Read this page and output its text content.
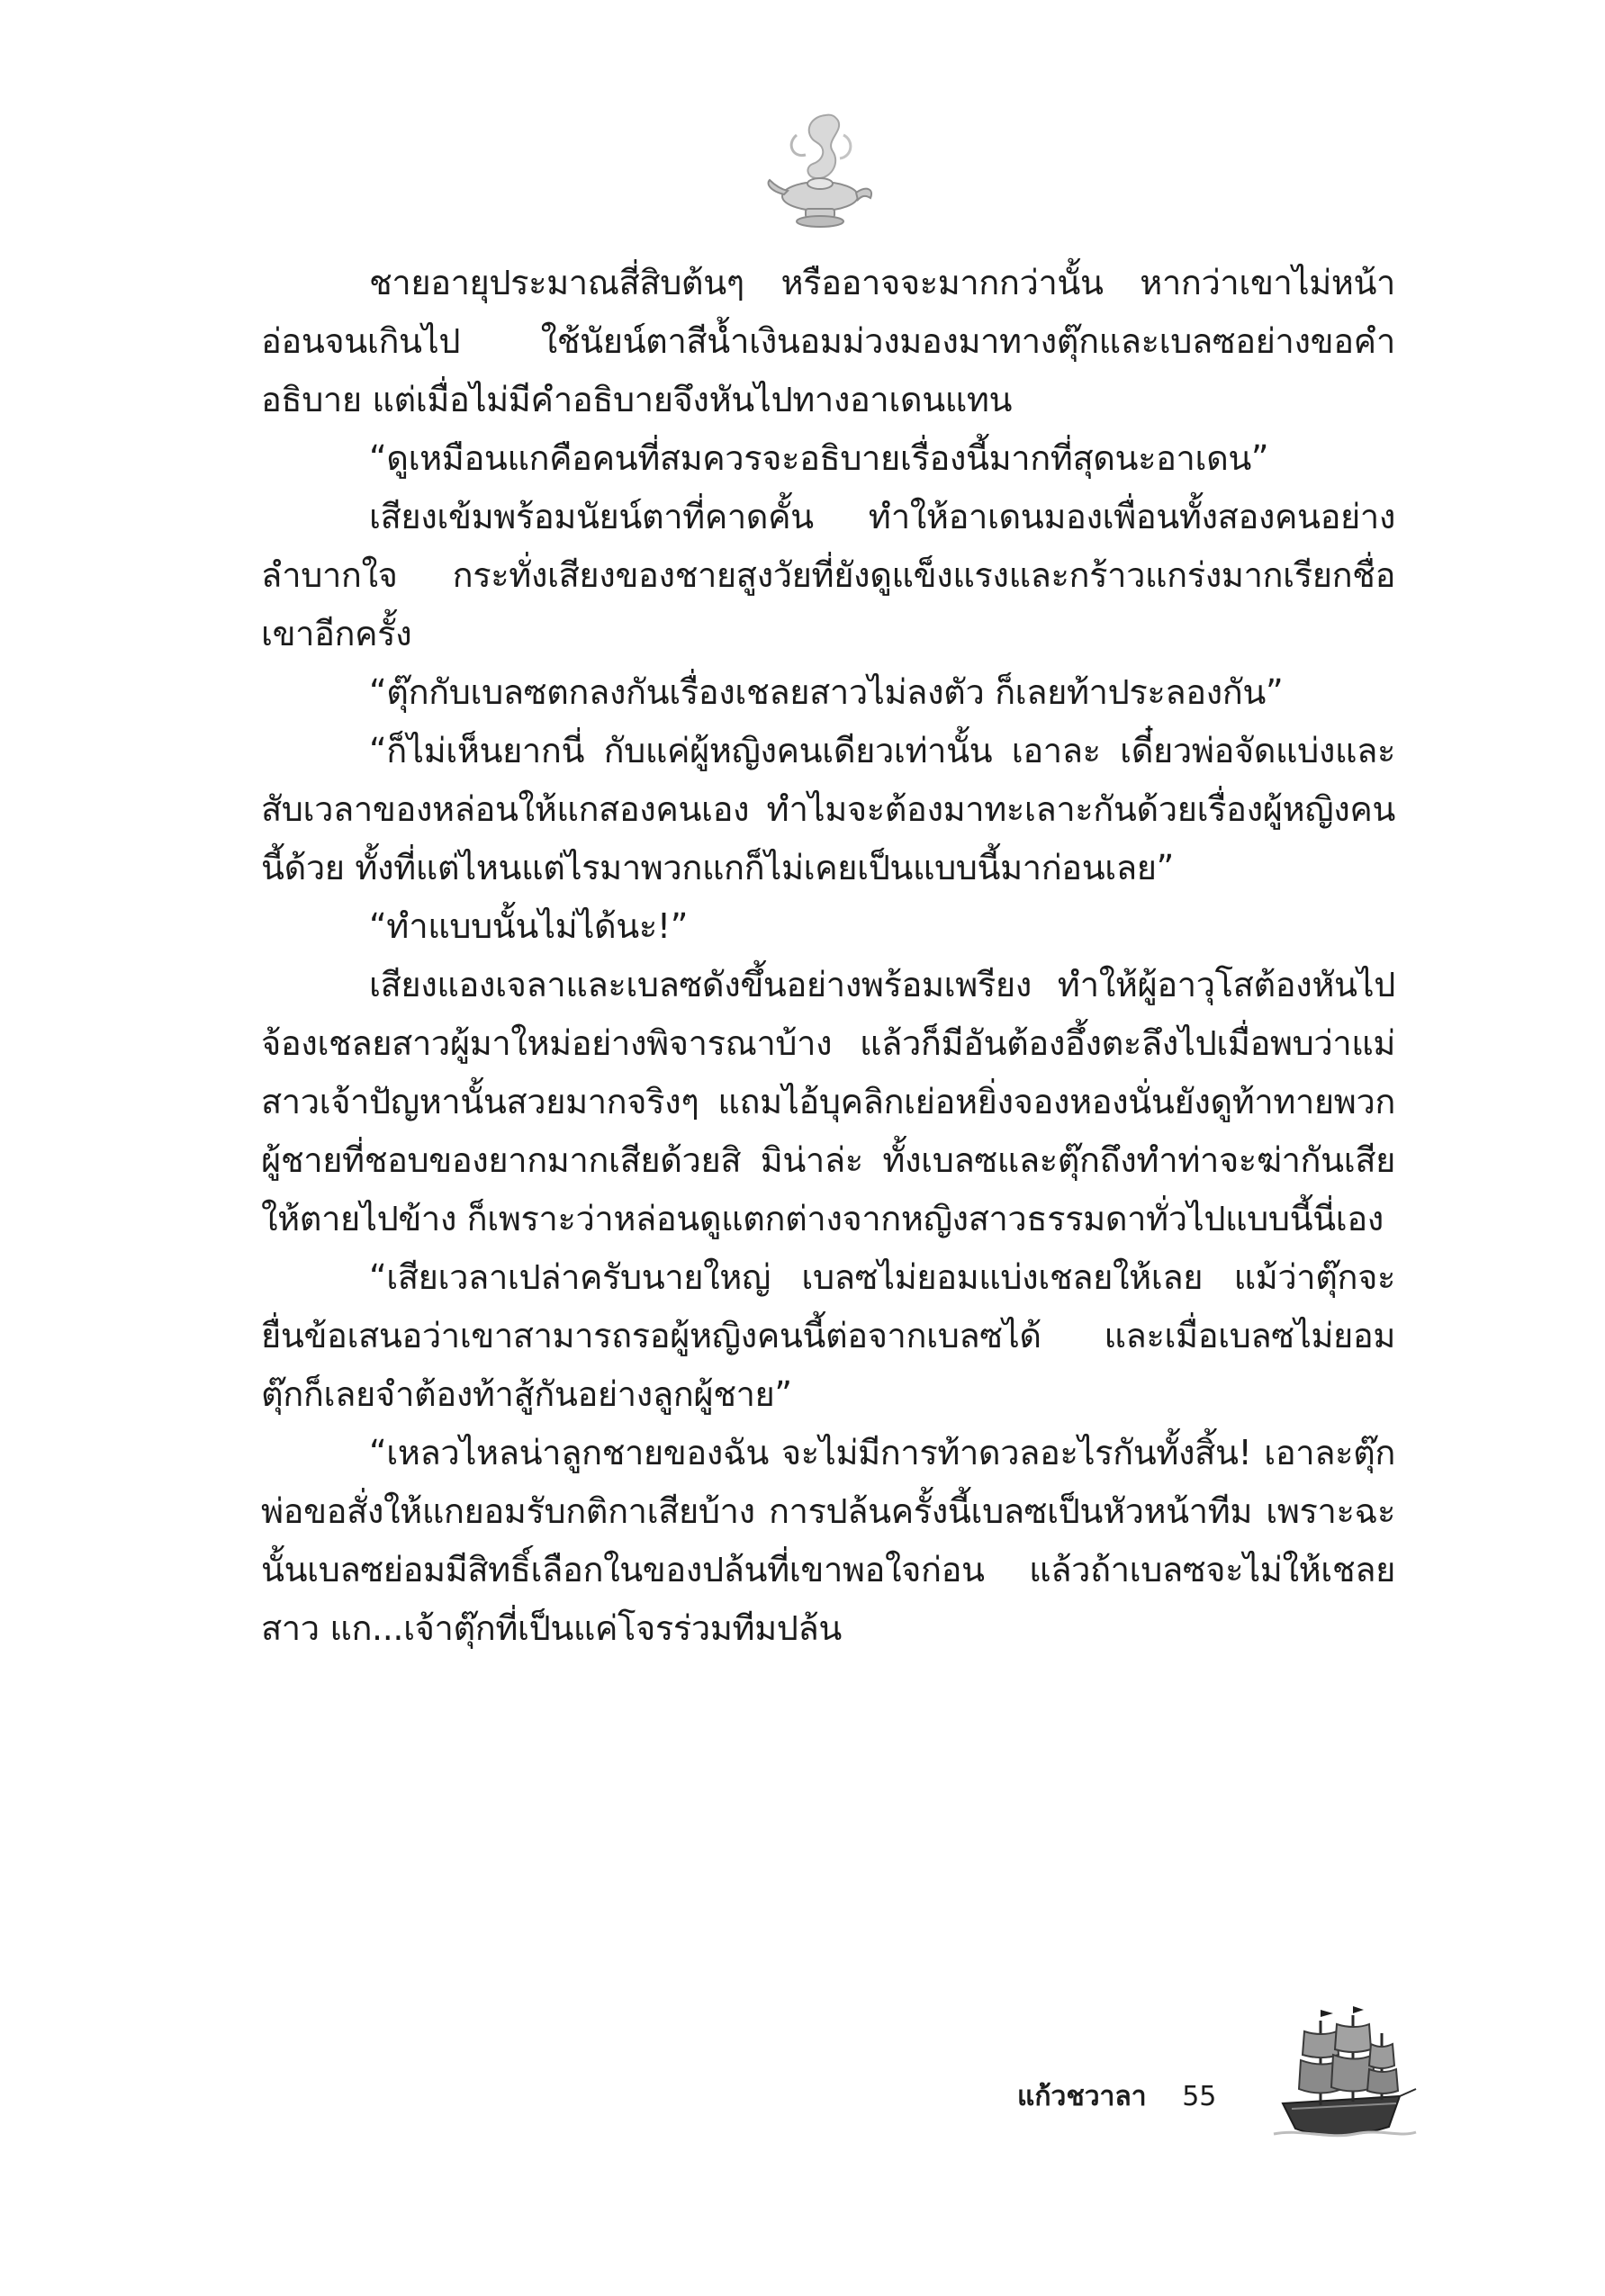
ชายอายุประมาณสี่สิบต้นๆ หรืออาจจะมากกว่านั้น หากว่าเขาไม่หน้าอ่อนจนเกินไป ใช้นัยน์ตาสีน้ำเงินอมม่วงมองมาทางตุ๊กและเบลซอย่างขอคำอธิบาย แต่เมื่อไม่มีคำอธิบายจึงหันไปทางอาเดนแทน

“ดูเหมือนแกคือคนที่สมควรจะอธิบายเรื่องนี้มากที่สุดนะอาเดน”

เสียงเข้มพร้อมนัยน์ตาที่คาดคั้น ทำให้อาเดนมองเพื่อนทั้งสองคนอย่างลำบากใจ กระทั่งเสียงของชายสูงวัยที่ยังดูแข็งแรงและกร้าวแกร่งมากเรียกชื่อเขาอีกครั้ง

“ตุ๊กกับเบลซตกลงกันเรื่องเชลยสาวไม่ลงตัว ก็เลยท้าประลองกัน”

“ก็ไม่เห็นยากนี่ กับแค่ผู้หญิงคนเดียวเท่านั้น เอาละ เดี๋ยวพ่อจัดแบ่งและสับเวลาของหล่อนให้แกสองคนเอง ทำไมจะต้องมาทะเลาะกันด้วยเรื่องผู้หญิงคนนี้ด้วย ทั้งที่แต่ไหนแต่ไรมาพวกแกก็ไม่เคยเป็นแบบนี้มาก่อนเลย”

“ทำแบบนั้นไม่ได้นะ!”

เสียงแองเจลาและเบลซดังขึ้นอย่างพร้อมเพรียง ทำให้ผู้อาวุโสต้องหันไปจ้องเชลยสาวผู้มาใหม่อย่างพิจารณาบ้าง แล้วก็มีอันต้องอึ้งตะลึงไปเมื่อพบว่าแม่สาวเจ้าปัญหานั้นสวยมากจริงๆ แถมไอ้บุคลิกเย่อหยิ่งจองหองนั่นยังดูท้าทายพวกผู้ชายที่ชอบของยากมากเสียด้วยสิ มิน่าล่ะ ทั้งเบลซและตุ๊กถึงทำท่าจะฆ่ากันเสียให้ตายไปข้าง ก็เพราะว่าหล่อนดูแตกต่างจากหญิงสาวธรรมดาทั่วไปแบบนี้นี่เอง

“เสียเวลาเปล่าครับนายใหญ่ เบลซไม่ยอมแบ่งเชลยให้เลย แม้ว่าตุ๊กจะยื่นข้อเสนอว่าเขาสามารถรอผู้หญิงคนนี้ต่อจากเบลซได้ และเมื่อเบลซไม่ยอม ตุ๊กก็เลยจำต้องท้าสู้กันอย่างลูกผู้ชาย”

“เหลวไหลน่าลูกชายของฉัน จะไม่มีการท้าดวลอะไรกันทั้งสิ้น! เอาละตุ๊ก พ่อขอสั่งให้แกยอมรับกติกาเสียบ้าง การปล้นครั้งนี้เบลซเป็นหัวหน้าทีม เพราะฉะนั้นเบลซย่อมมีสิทธิ์เลือกในของปล้นที่เขาพอใจก่อน แล้วถ้าเบลซจะไม่ให้เชลยสาว แก...เจ้าตุ๊กที่เป็นแค่โจรร่วมทีมปล้น

แก้วชวาลา 55
